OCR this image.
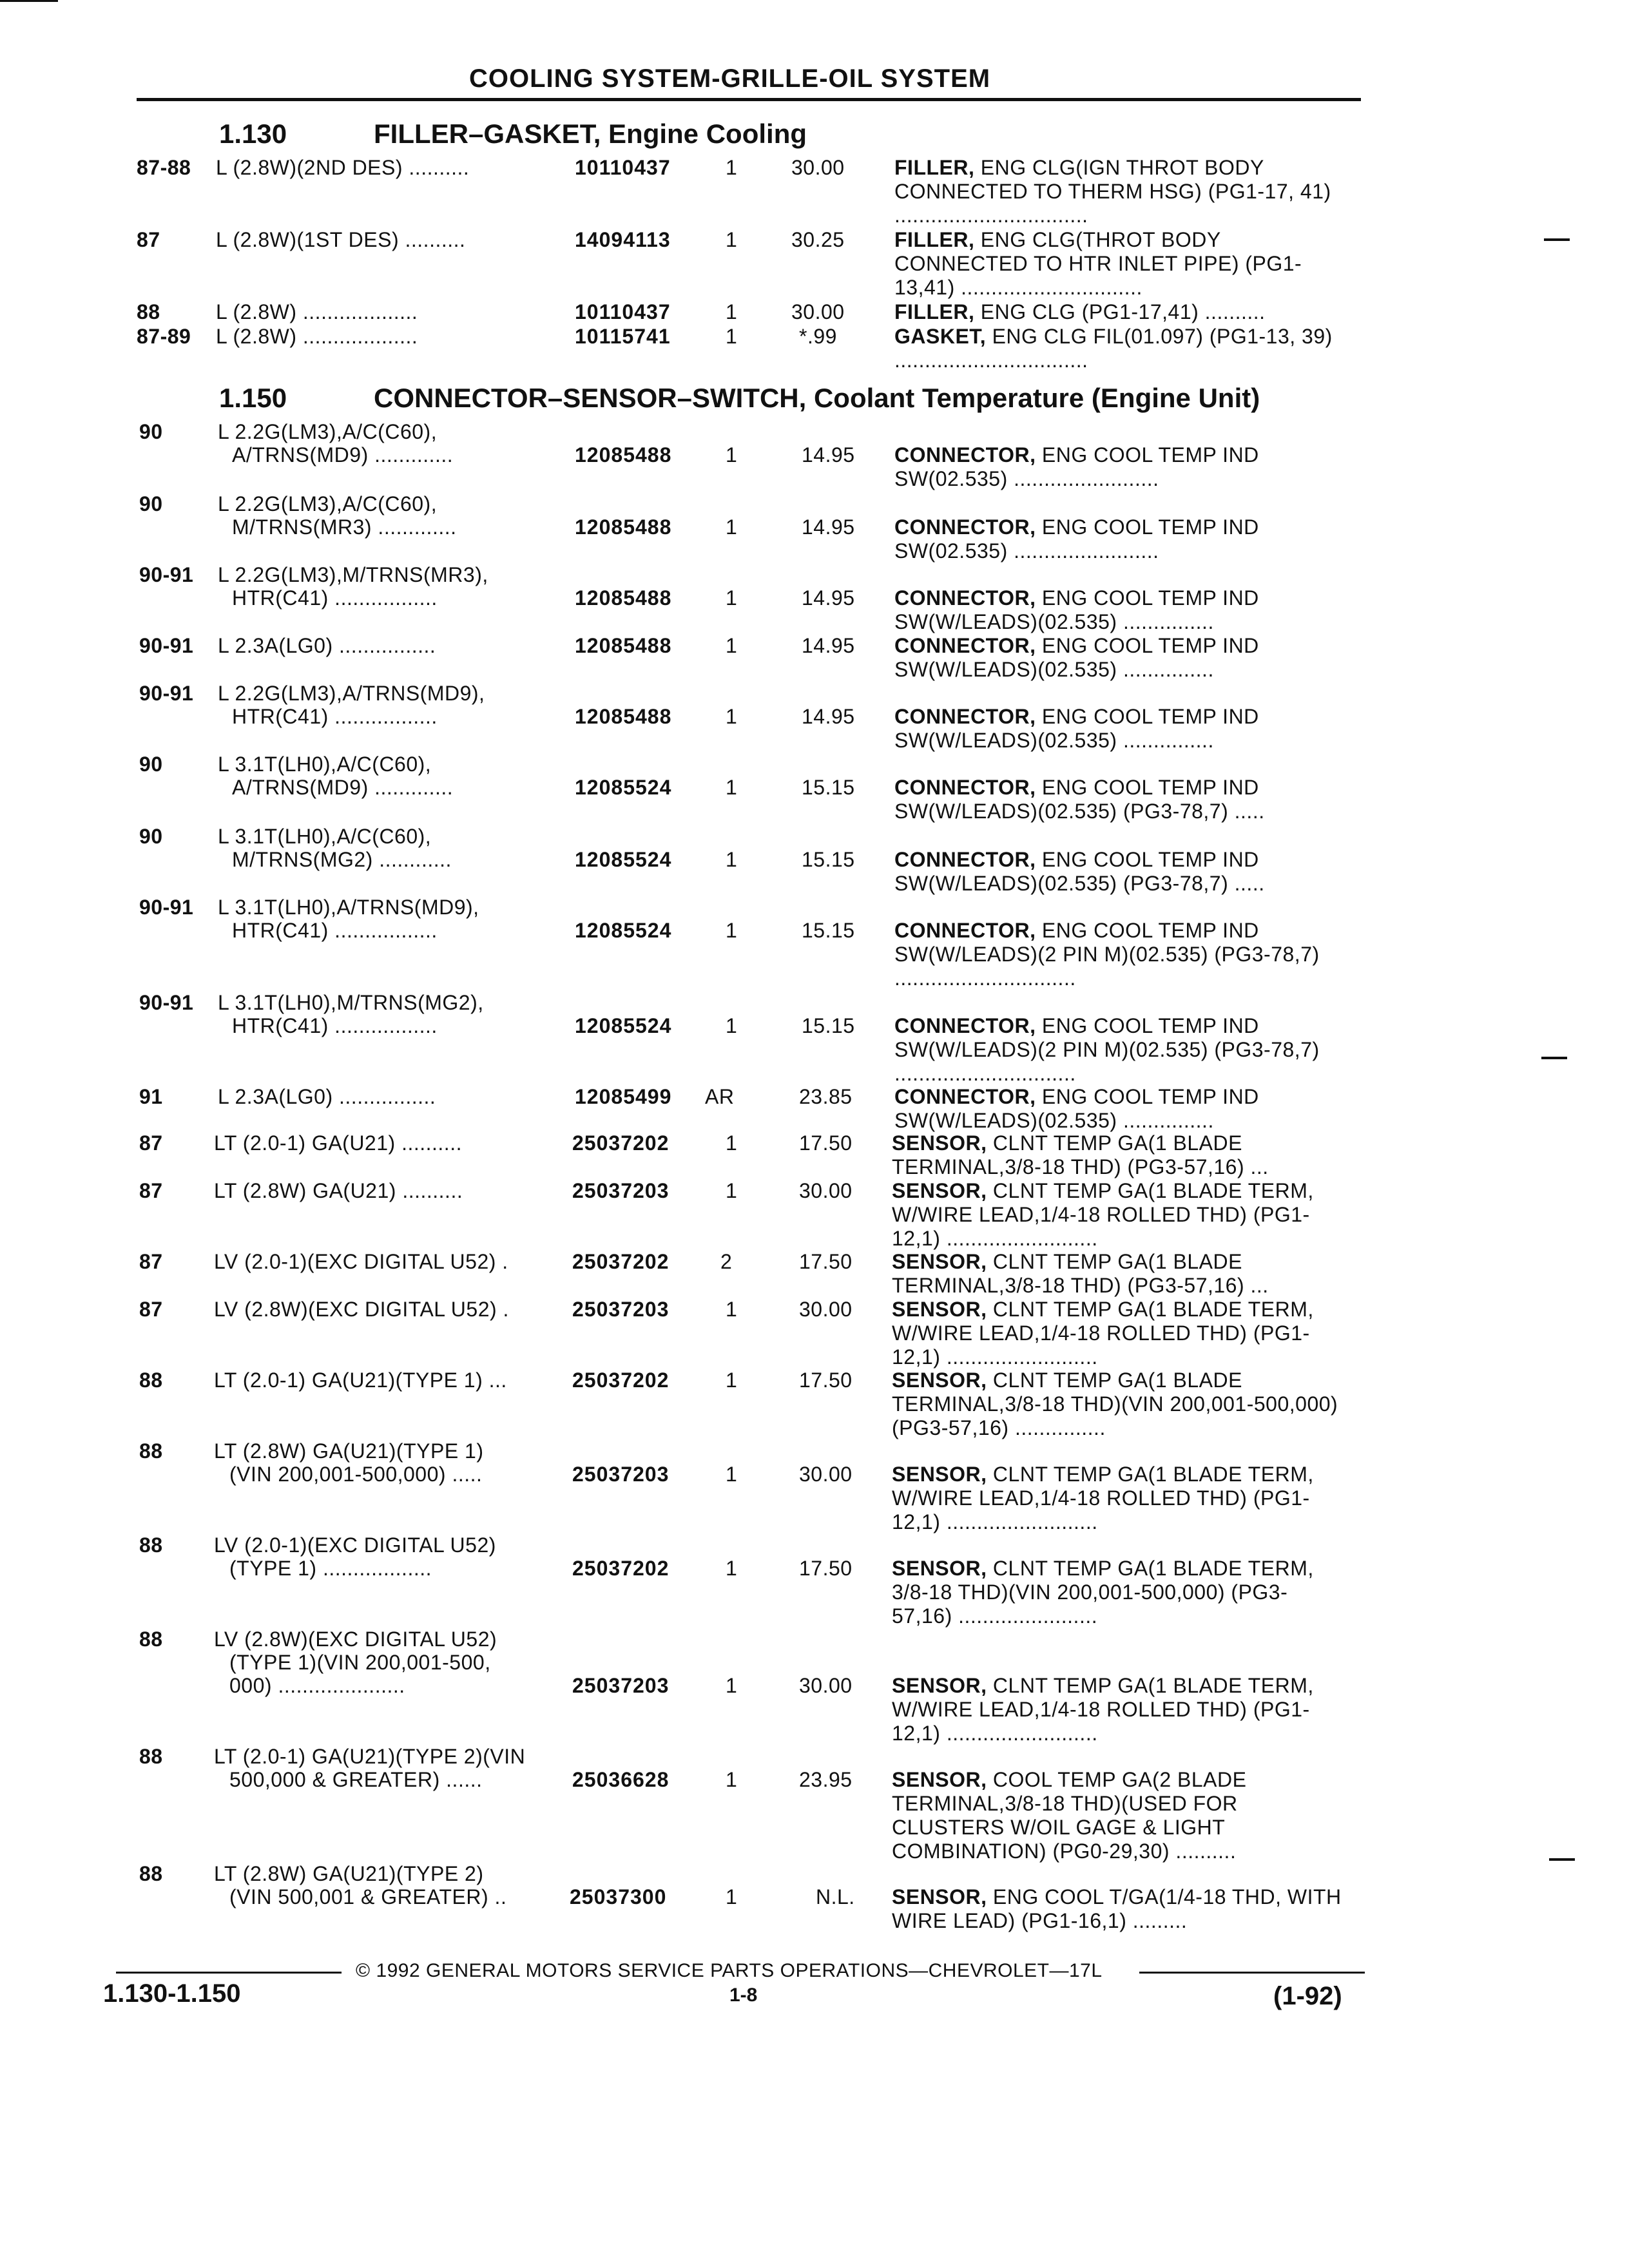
COOLING SYSTEM-GRILLE-OIL SYSTEM
1.130	FILLER–GASKET, Engine Cooling
87-88 L (2.8W)(2ND DES) ..........	10110437	1	30.00 FILLER, ENG CLG(IGN THROT BODY CONNECTED TO THERM HSG) (PG1-17, 41) ................................
87	L (2.8W)(1ST DES) ..........	14094113	1	30.25 FILLER, ENG CLG(THROT BODY CONNECTED TO HTR INLET PIPE) (PG1-13,41) ..............................
88	L (2.8W) ...................	10110437	1	30.00 FILLER, ENG CLG (PG1-17,41) ..........
87-89 L (2.8W) ...................	10115741	1	*.99	GASKET, ENG CLG FIL(01.097) (PG1-13, 39) ................................
1.150	CONNECTOR–SENSOR–SWITCH, Coolant Temperature (Engine Unit)
90	L 2.2G(LM3),A/C(C60),
A/TRNS(MD9) .............	12085488	1	14.95 CONNECTOR, ENG COOL TEMP IND SW(02.535) ........................
90	L 2.2G(LM3),A/C(C60),
M/TRNS(MR3) .............	12085488	1	14.95 CONNECTOR, ENG COOL TEMP IND SW(02.535) ........................
90-91 L 2.2G(LM3),M/TRNS(MR3),
HTR(C41) .................	12085488	1	14.95 CONNECTOR, ENG COOL TEMP IND SW(W/LEADS)(02.535) ...............
90-91 L 2.3A(LG0) ................	12085488	1	14.95 CONNECTOR, ENG COOL TEMP IND SW(W/LEADS)(02.535) ...............
90-91 L 2.2G(LM3),A/TRNS(MD9),
HTR(C41) .................	12085488	1	14.95 CONNECTOR, ENG COOL TEMP IND SW(W/LEADS)(02.535) ...............
90	L 3.1T(LH0),A/C(C60),
A/TRNS(MD9) .............	12085524	1	15.15 CONNECTOR, ENG COOL TEMP IND SW(W/LEADS)(02.535) (PG3-78,7) .....
90	L 3.1T(LH0),A/C(C60),
M/TRNS(MG2) ............	12085524	1	15.15 CONNECTOR, ENG COOL TEMP IND SW(W/LEADS)(02.535) (PG3-78,7) .....
90-91 L 3.1T(LH0),A/TRNS(MD9),
HTR(C41) .................	12085524	1	15.15 CONNECTOR, ENG COOL TEMP IND SW(W/LEADS)(2 PIN M)(02.535) (PG3-78,7) ..............................
90-91 L 3.1T(LH0),M/TRNS(MG2),
HTR(C41) .................	12085524	1	15.15 CONNECTOR, ENG COOL TEMP IND SW(W/LEADS)(2 PIN M)(02.535) (PG3-78,7) ..............................
91	L 2.3A(LG0) ................	12085499 AR	23.85 CONNECTOR, ENG COOL TEMP IND SW(W/LEADS)(02.535) ...............
87 LT (2.0-1) GA(U21) ..........	25037202	1	17.50 SENSOR, CLNT TEMP GA(1 BLADE TERMINAL,3/8-18 THD) (PG3-57,16) ...
87 LT (2.8W) GA(U21) ..........	25037203	1	30.00 SENSOR, CLNT TEMP GA(1 BLADE TERM, W/WIRE LEAD,1/4-18 ROLLED THD) (PG1-12,1) .........................
87 LV (2.0-1)(EXC DIGITAL U52) .	25037202 2	17.50 SENSOR, CLNT TEMP GA(1 BLADE TERMINAL,3/8-18 THD) (PG3-57,16) ...
87 LV (2.8W)(EXC DIGITAL U52) .	25037203	1	30.00 SENSOR, CLNT TEMP GA(1 BLADE TERM, W/WIRE LEAD,1/4-18 ROLLED THD) (PG1-12,1) .........................
88 LT (2.0-1) GA(U21)(TYPE 1) ...	25037202	1	17.50 SENSOR, CLNT TEMP GA(1 BLADE TERMINAL,3/8-18 THD)(VIN 200,001-500,000) (PG3-57,16) ...............
88 LT (2.8W) GA(U21)(TYPE 1)
(VIN 200,001-500,000) .....	25037203	1	30.00 SENSOR, CLNT TEMP GA(1 BLADE TERM, W/WIRE LEAD,1/4-18 ROLLED THD) (PG1-12,1) .........................
88 LV (2.0-1)(EXC DIGITAL U52)
(TYPE 1) ..................	25037202	1	17.50 SENSOR, CLNT TEMP GA(1 BLADE TERM, 3/8-18 THD)(VIN 200,001-500,000) (PG3-57,16) .......................
88 LV (2.8W)(EXC DIGITAL U52)
(TYPE 1)(VIN 200,001-500,
000) .....................	25037203	1	30.00 SENSOR, CLNT TEMP GA(1 BLADE TERM, W/WIRE LEAD,1/4-18 ROLLED THD) (PG1-12,1) .........................
88 LT (2.0-1) GA(U21)(TYPE 2)(VIN
500,000 & GREATER) ......	25036628	1	23.95 SENSOR, COOL TEMP GA(2 BLADE TERMINAL,3/8-18 THD)(USED FOR CLUSTERS W/OIL GAGE & LIGHT COMBINATION) (PG0-29,30) ..........
88 LT (2.8W) GA(U21)(TYPE 2)
(VIN 500,001 & GREATER) ..	25037300	1	N.L. SENSOR, ENG COOL T/GA(1/4-18 THD, WITH WIRE LEAD) (PG1-16,1) .........
© 1992 GENERAL MOTORS SERVICE PARTS OPERATIONS—CHEVROLET—17L
1.130-1.150	1-8	(1-92)
